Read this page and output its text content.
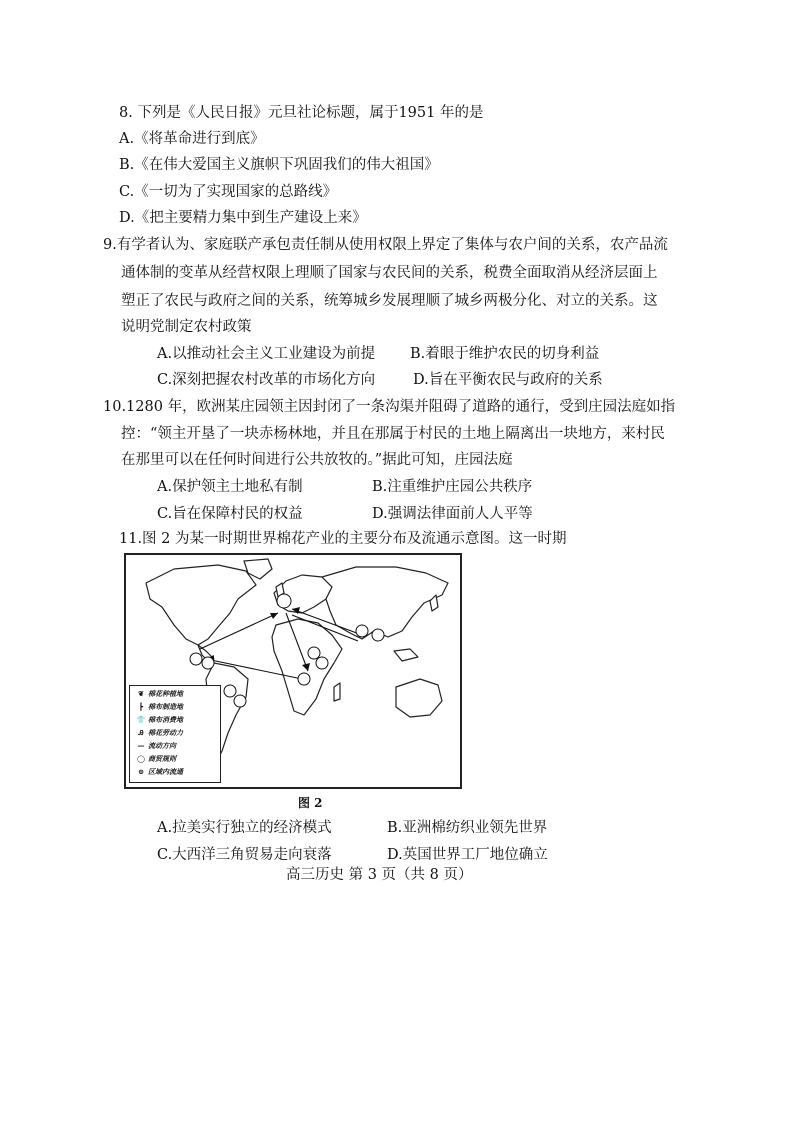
8. 下列是《人民日报》元旦社论标题，属于1951 年的是
A.《将革命进行到底》
B.《在伟大爱国主义旗帜下巩固我们的伟大祖国》
C.《一切为了实现国家的总路线》
D.《把主要精力集中到生产建设上来》
9.有学者认为、家庭联产承包责任制从使用权限上界定了集体与农户间的关系，农产品流
通体制的变革从经营权限上理顺了国家与农民间的关系，税费全面取消从经济层面上
塑正了农民与政府之间的关系，统筹城乡发展理顺了城乡两极分化、对立的关系。这
说明党制定农村政策
A.以推动社会主义工业建设为前提 B.着眼于维护农民的切身利益
C.深刻把握农村改革的市场化方向	D.旨在平衡农民与政府的关系
10.1280 年，欧洲某庄园领主因封闭了一条沟渠并阻碍了道路的通行，受到庄园法庭如指
控：“领主开垦了一块赤杨林地，并且在那属于村民的土地上隔离出一块地方，来村民
在那里可以在任何时间进行公共放牧的。”据此可知，庄园法庭
A.保护领主土地私有制	B.注重维护庄园公共秩序
C.旨在保障村民的权益	D.强调法律面前人人平等
11.图 2 为某一时期世界棉花产业的主要分布及流通示意图。这一时期
❦ 棉花种植地
┣ 棉布制造地
👕 棉布消费地
Ꭿ 棉花劳动力
— 流动方向
◯ 商贸规则
⊚ 区域内流通
图 2
A.拉美实行独立的经济模式	B.亚洲棉纺织业领先世界
C.大西洋三角贸易走向衰落	D.英国世界工厂地位确立
高三历史 第 3 页（共 8 页）
